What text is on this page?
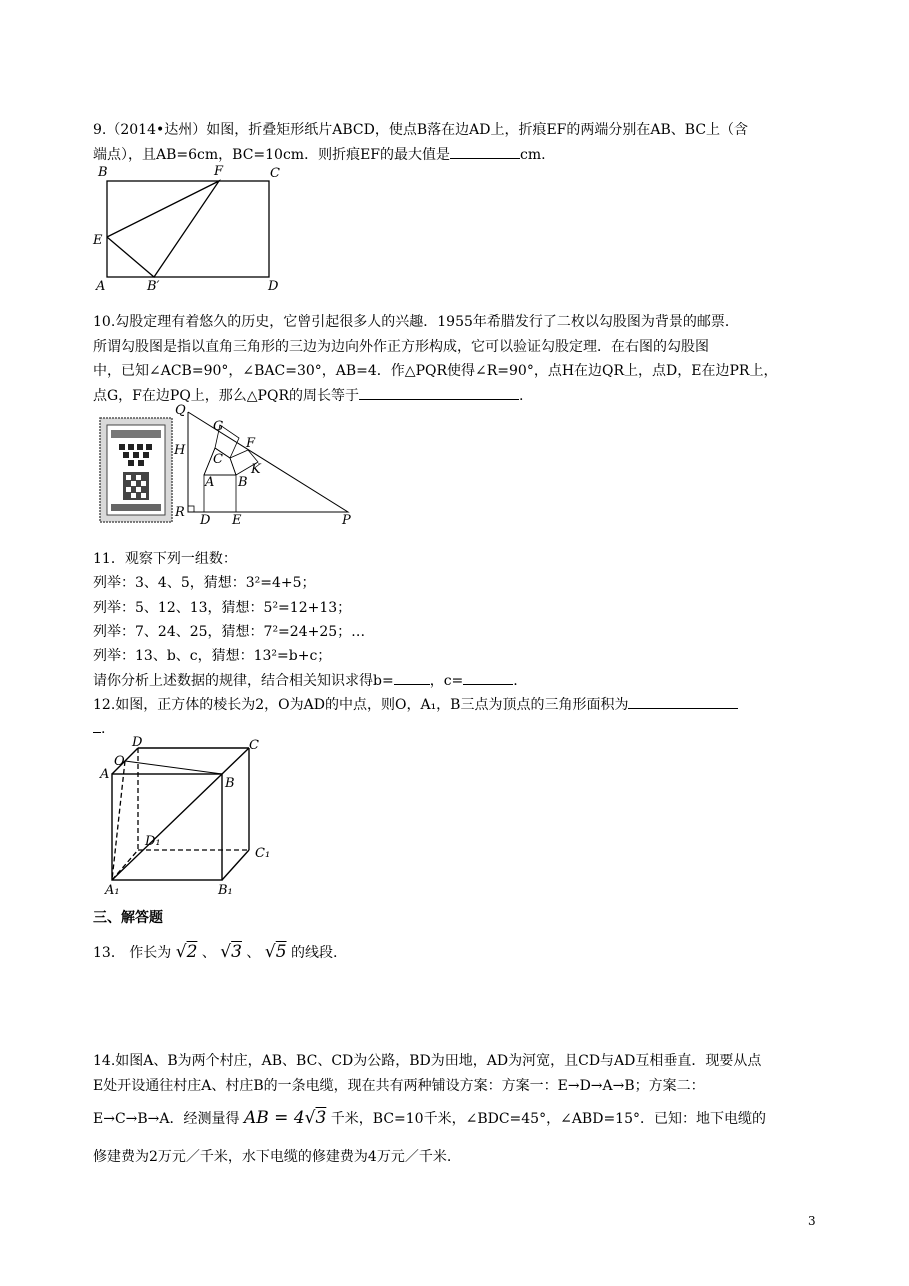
9.（2014•达州）如图，折叠矩形纸片ABCD，使点B落在边AD上，折痕EF的两端分别在AB、BC上（含
端点），且AB=6cm，BC=10cm．则折痕EF的最大值是	cm.
B	F	C
E
A	B′	D
10.勾股定理有着悠久的历史，它曾引起很多人的兴趣．1955年希腊发行了二枚以勾股图为背景的邮票．
所谓勾股图是指以直角三角形的三边为边向外作正方形构成，它可以验证勾股定理．在右图的勾股图
中，已知∠ACB=90°，∠BAC=30°，AB=4．作△PQR使得∠R=90°，点H在边QR上，点D，E在边PR上，
点G，F在边PQ上，那么△PQR的周长等于	.
Q
G
F
H
C
K
A B
R
D E	P
11．观察下列一组数：
列举：3、4、5，猜想：3²=4+5；
列举：5、12、13，猜想：5²=12+13；
列举：7、24、25，猜想：7²=24+25；…
列举：13、b、c，猜想：13²=b+c；
请你分析上述数据的规律，结合相关知识求得b=	，c=	.
12.如图，正方体的棱长为2，O为AD的中点，则O，A₁，B三点为顶点的三角形面积为
.
D	C
O
A
B
D₁
C₁
A₁	B₁
三、解答题
13． 作长为 √2 、 √3 、 √5 的线段.
14.如图A、B为两个村庄，AB、BC、CD为公路，BD为田地，AD为河宽，且CD与AD互相垂直．现要从点
E处开设通往村庄A、村庄B的一条电缆，现在共有两种铺设方案：方案一：E→D→A→B；方案二：
E→C→B→A．经测量得 AB = 4√3 千米，BC=10千米，∠BDC=45°，∠ABD=15°．已知：地下电缆的
修建费为2万元／千米，水下电缆的修建费为4万元／千米.
3
